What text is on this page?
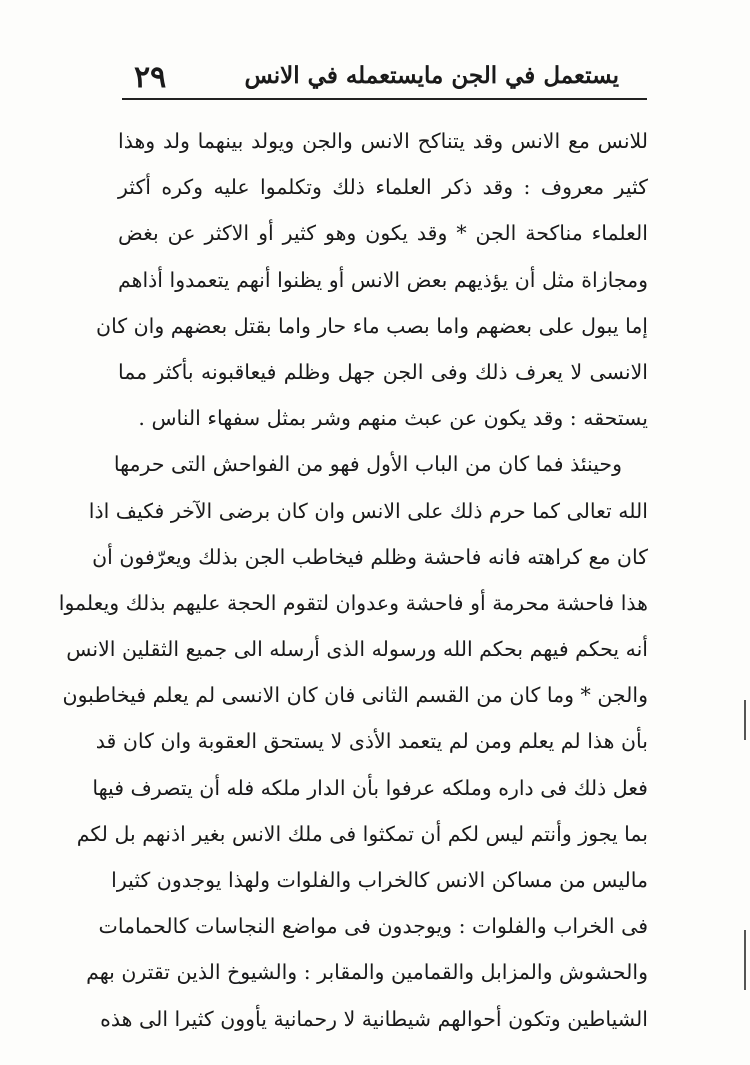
٢٩	يستعمل في الجن مايستعمله في الانس
للانس مع الانس وقد يتناكح الانس والجن ويولد بينهما ولد وهذا
كثير معروف : وقد ذكر العلماء ذلك وتكلموا عليه وكره أكثر
العلماء مناكحة الجن * وقد يكون وهو كثير أو الاكثر عن بغض
ومجازاة مثل أن يؤذيهم بعض الانس أو يظنوا أنهم يتعمدوا أذاهم
إما يبول على بعضهم واما بصب ماء حار واما بقتل بعضهم وان كان
الانسى لا يعرف ذلك وفى الجن جهل وظلم فيعاقبونه بأكثر مما
يستحقه : وقد يكون عن عبث منهم وشر بمثل سفهاء الناس .
وحينئذ فما كان من الباب الأول فهو من الفواحش التى حرمها
الله تعالى كما حرم ذلك على الانس وان كان برضى الآخر فكيف اذا
كان مع كراهته فانه فاحشة وظلم فيخاطب الجن بذلك ويعرّفون أن
هذا فاحشة محرمة أو فاحشة وعدوان لتقوم الحجة عليهم بذلك ويعلموا
أنه يحكم فيهم بحكم الله ورسوله الذى أرسله الى جميع الثقلين الانس
والجن * وما كان من القسم الثانى فان كان الانسى لم يعلم فيخاطبون
بأن هذا لم يعلم ومن لم يتعمد الأذى لا يستحق العقوبة وان كان قد
فعل ذلك فى داره وملكه عرفوا بأن الدار ملكه فله أن يتصرف فيها
بما يجوز وأنتم ليس لكم أن تمكثوا فى ملك الانس بغير اذنهم بل لكم
ماليس من مساكن الانس كالخراب والفلوات ولهذا يوجدون كثيرا
فى الخراب والفلوات : ويوجدون فى مواضع النجاسات كالحمامات
والحشوش والمزابل والقمامين والمقابر : والشيوخ الذين تقترن بهم
الشياطين وتكون أحوالهم شيطانية لا رحمانية يأوون كثيرا الى هذه
